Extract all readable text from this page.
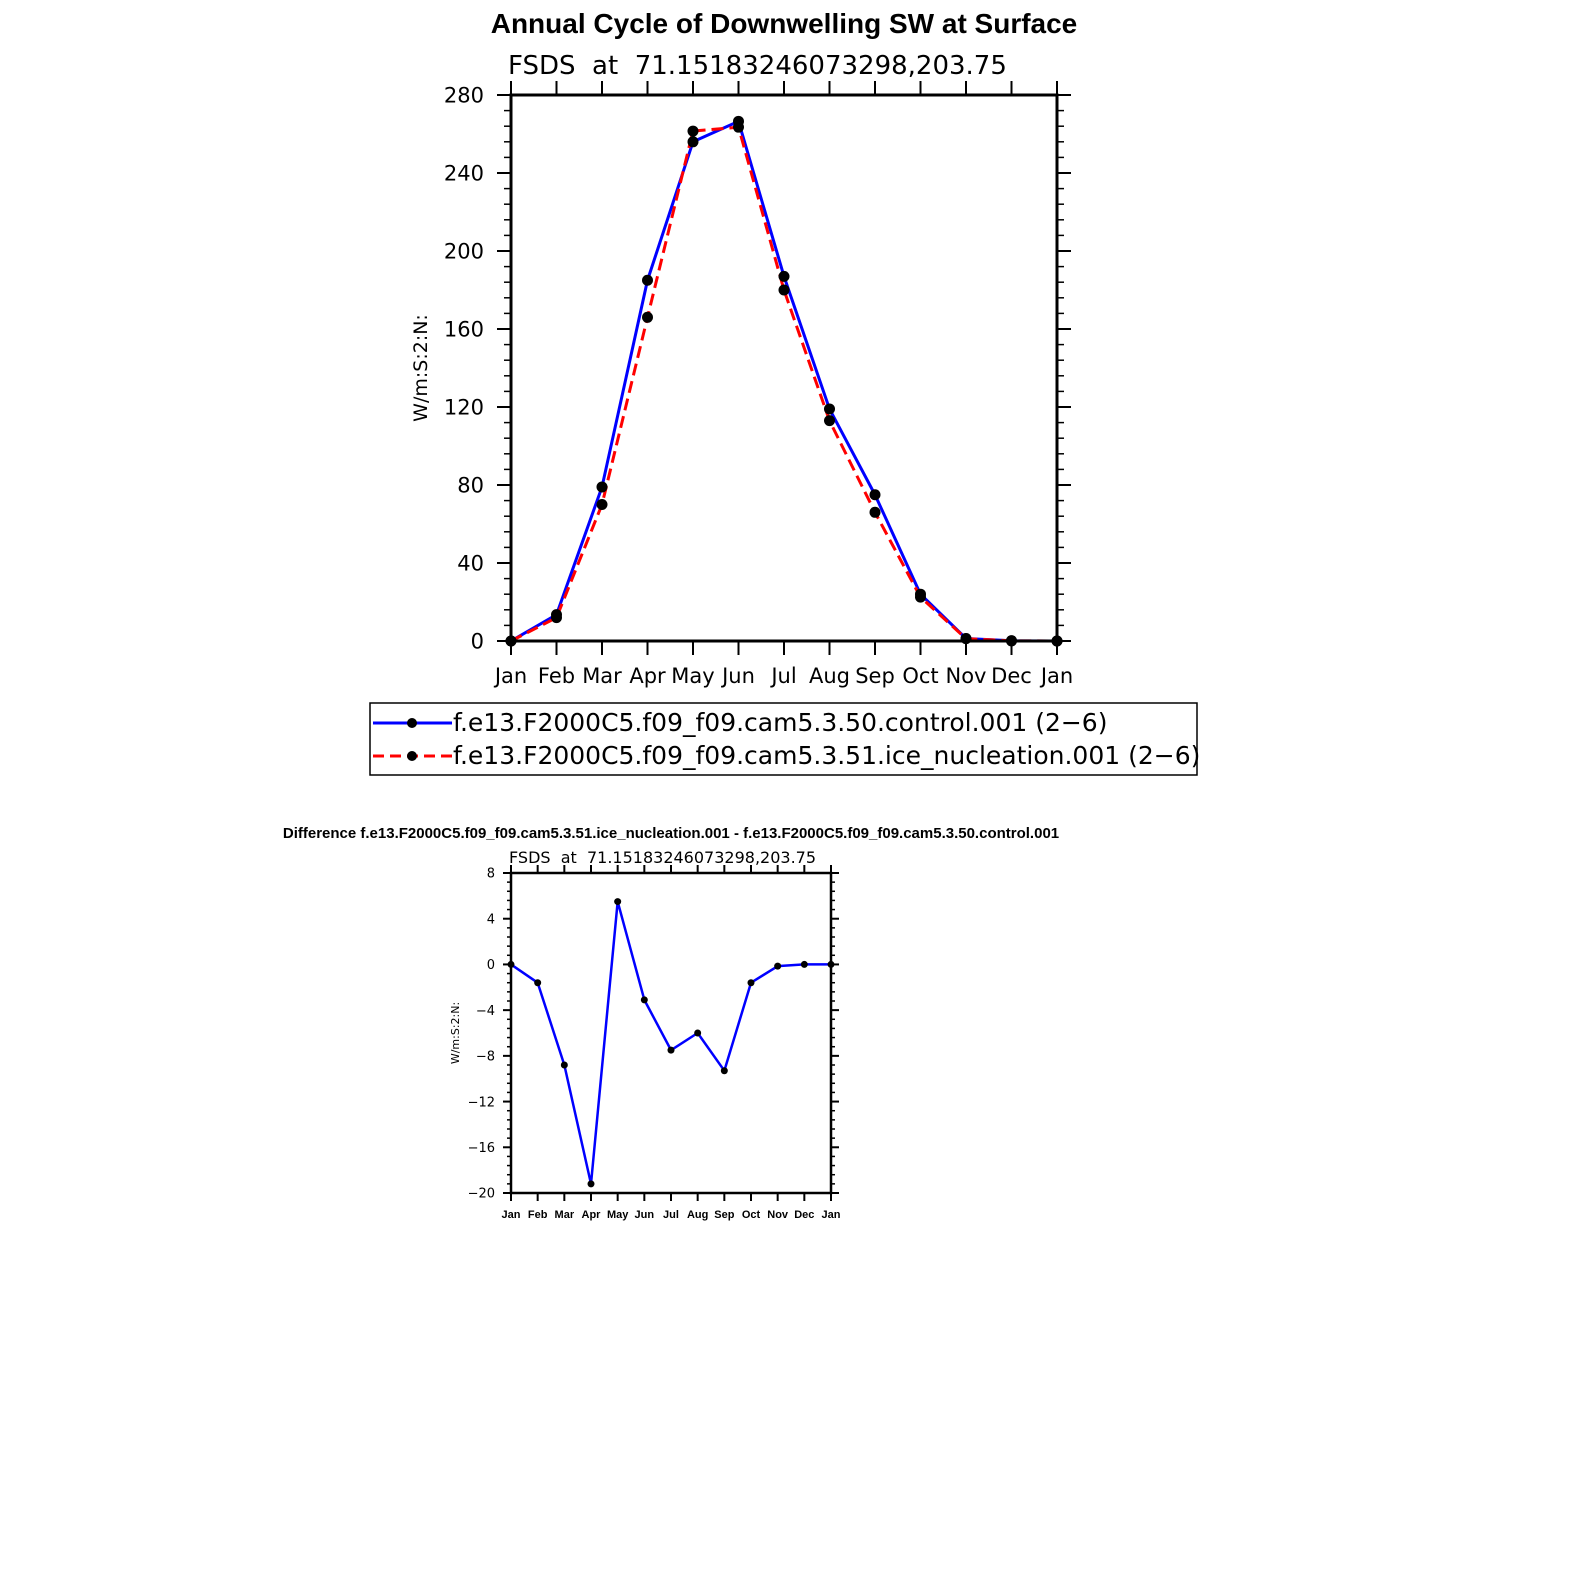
Annual Cycle of Downwelling SW at Surface
FSDS  at  71.15183246073298,203.75
W/m:S:2:N:
0
40
80
120
160
200
240
280
Jan Feb Mar Apr May Jun Jul Aug Sep Oct Nov Dec Jan
f.e13.F2000C5.f09_f09.cam5.3.50.control.001 (2−6)
f.e13.F2000C5.f09_f09.cam5.3.51.ice_nucleation.001 (2−6)
Difference f.e13.F2000C5.f09_f09.cam5.3.51.ice_nucleation.001 - f.e13.F2000C5.f09_f09.cam5.3.50.control.001
FSDS  at  71.15183246073298,203.75
W/m:S:2:N:
−20
−16
−12
−8
−4
0
4
8
Jan Feb Mar Apr May Jun Jul Aug Sep Oct Nov Dec Jan
